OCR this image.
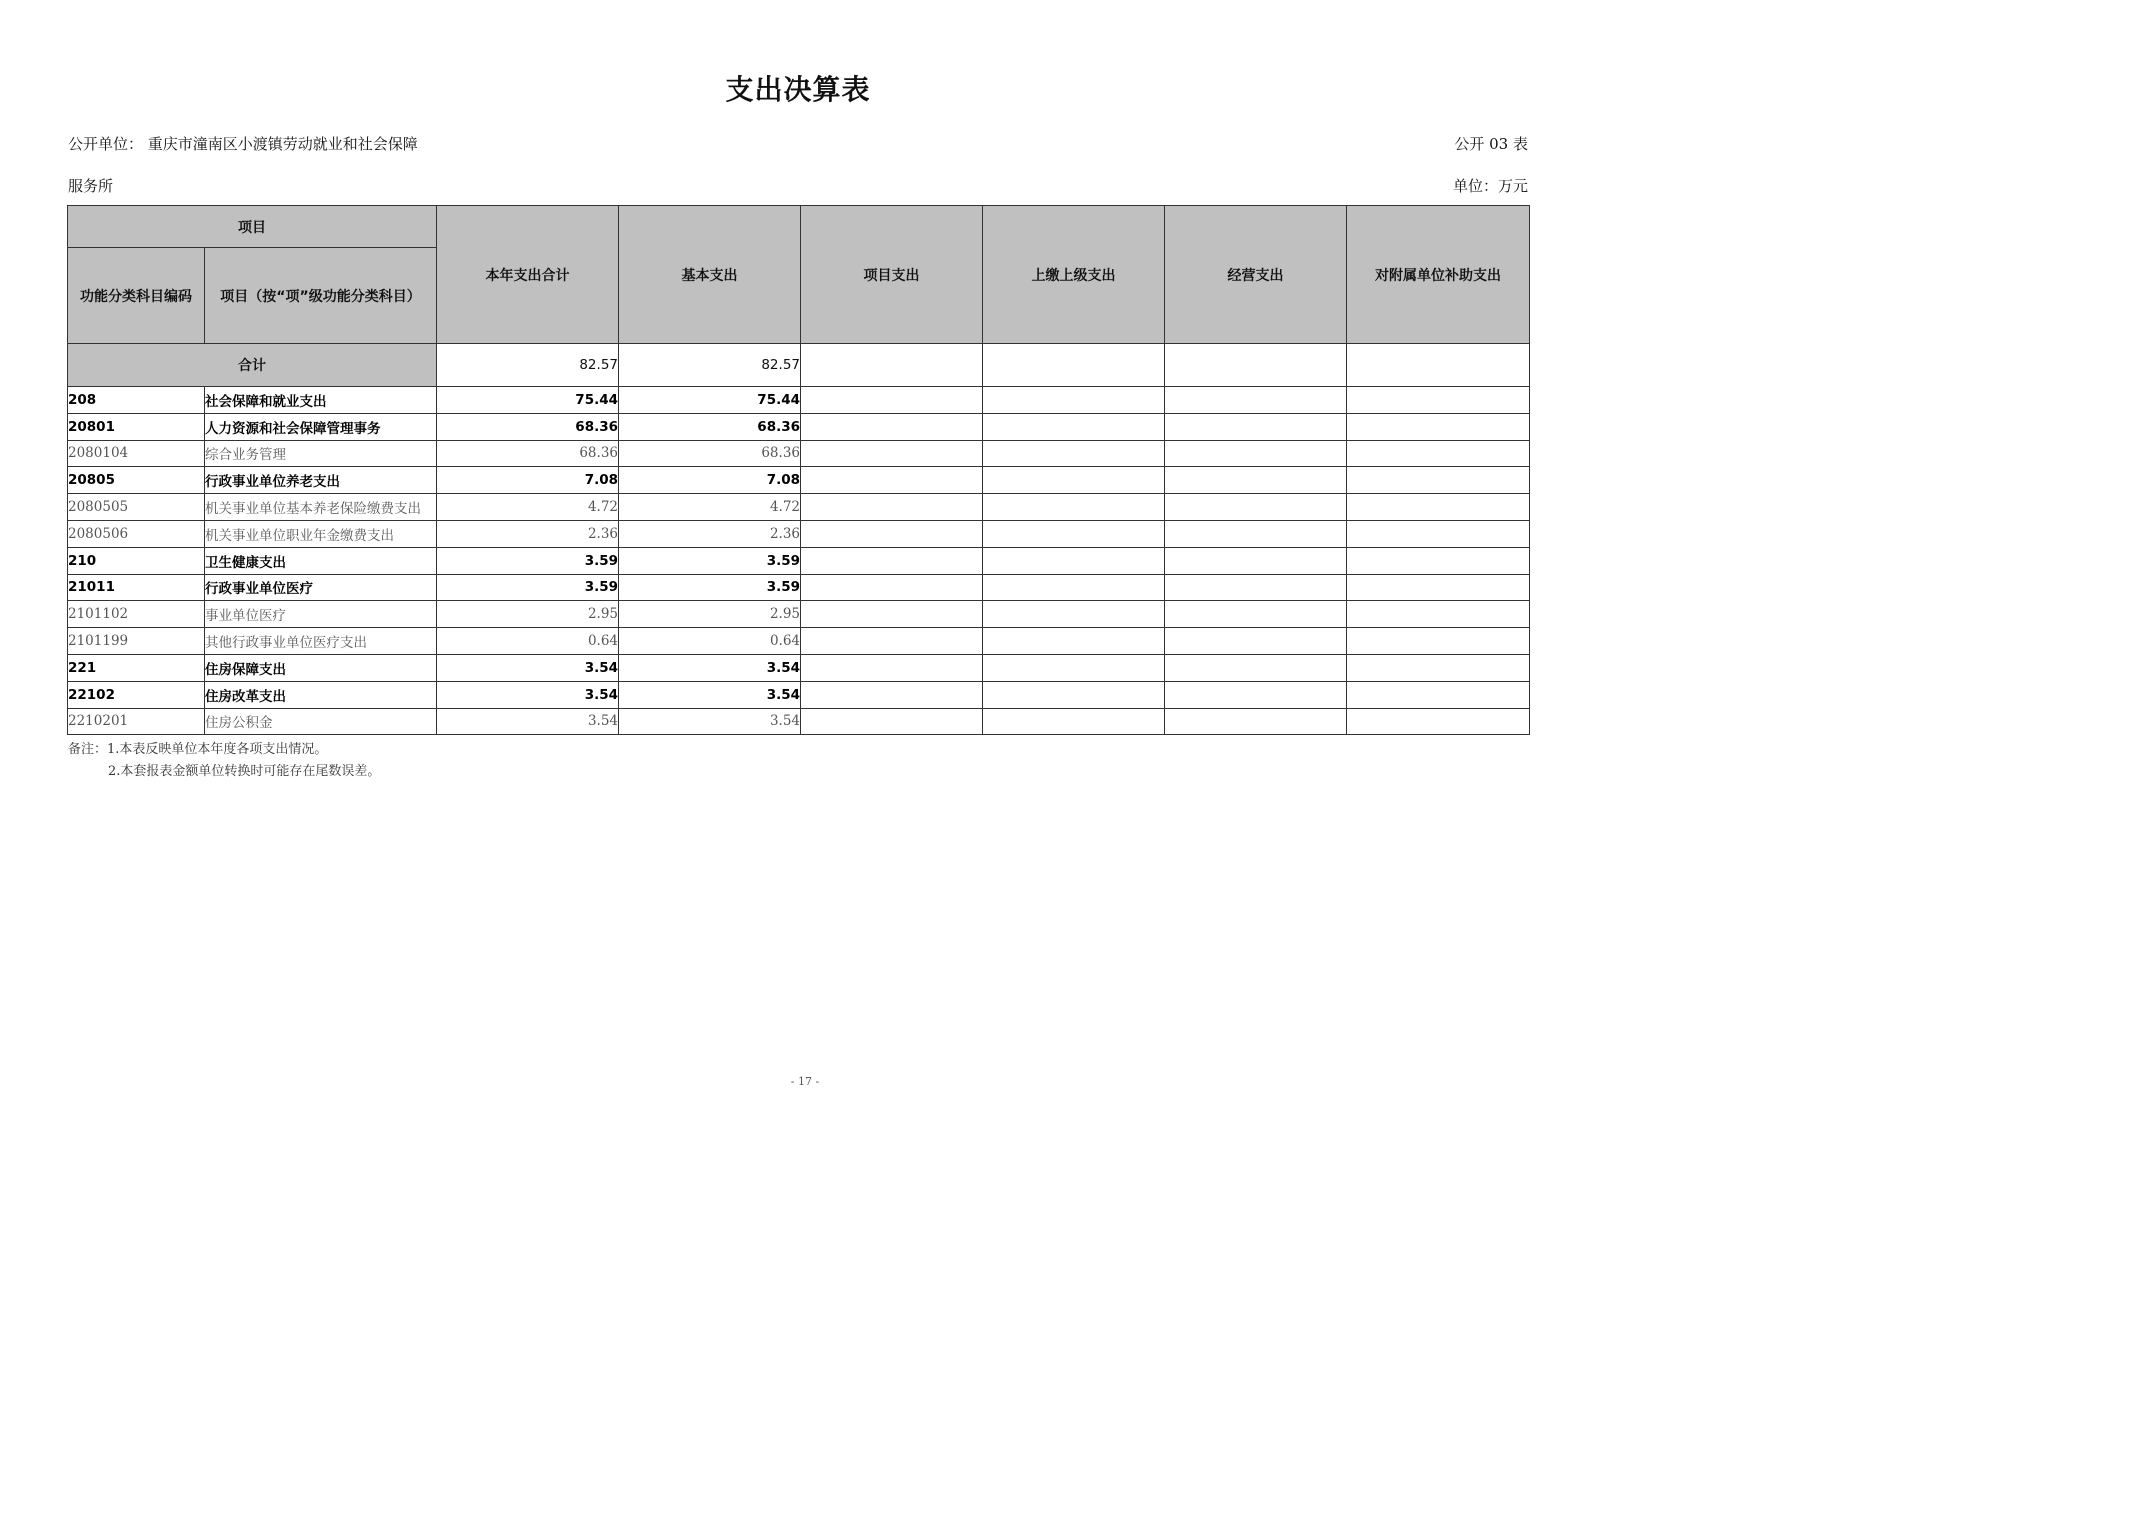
支出决算表
公开单位： 重庆市潼南区小渡镇劳动就业和社会保障
服务所
公开 03 表
单位：万元
项目		本年支出合计	基本支出	项目支出	上缴上级支出	经营支出	对附属单位补助支出
功能分类科目编码	项目（按“项”级功能分类科目）						
合计		82.57	82.57				
208	社会保障和就业支出	75.44	75.44				
20801	人力资源和社会保障管理事务	68.36	68.36				
2080104	综合业务管理	68.36	68.36				
20805	行政事业单位养老支出	7.08	7.08				
2080505	机关事业单位基本养老保险缴费支出	4.72	4.72				
2080506	机关事业单位职业年金缴费支出	2.36	2.36				
210	卫生健康支出	3.59	3.59				
21011	行政事业单位医疗	3.59	3.59				
2101102	事业单位医疗	2.95	2.95				
2101199	其他行政事业单位医疗支出	0.64	0.64				
221	住房保障支出	3.54	3.54				
22102	住房改革支出	3.54	3.54				
2210201	住房公积金	3.54	3.54				
备注：1.本表反映单位本年度各项支出情况。
2.本套报表金额单位转换时可能存在尾数误差。
- 17 -
